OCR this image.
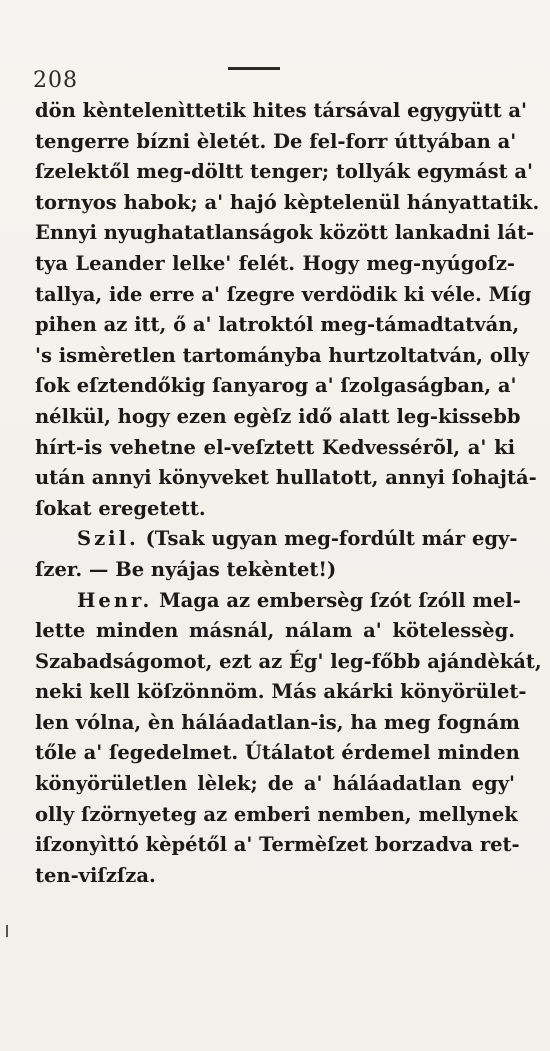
208
dön kèntelenìttetik hites társával egygyütt a'
tengerre bízni èletét. De fel-forr úttyában a'
ſzelektől meg-döltt tenger; tollyák egymást a'
tornyos habok; a' hajó kèptelenül hányattatik.
Ennyi nyughatatlanságok között lankadni lát-
tya Leander lelke' felét. Hogy meg-nyúgoſz-
tallya, ide erre a' ſzegre verdödik ki véle. Míg
pihen az itt, ő a' latroktól meg-támadtatván,
's ismèretlen tartományba hurtzoltatván, olly
ſok eſztendőkig ſanyarog a' ſzolgaságban, a'
nélkül, hogy ezen egèſz idő alatt leg-kissebb
hírt-is vehetne el-veſztett Kedvessérõl, a' ki
után annyi könyveket hullatott, annyi ſohajtá-
ſokat eregetett.
Szil. (Tsak ugyan meg-fordúlt már egy-
ſzer. — Be nyájas tekèntet!)
Henr. Maga az embersèg ſzót ſzóll mel-
lette minden másnál, nálam a' kötelessèg.
Szabadságomot, ezt az Ég' leg-főbb ajándèkát,
neki kell köſzönnöm. Más akárki könyörület-
len vólna, èn háláadatlan-is, ha meg fognám
tőle a' ſegedelmet. Útálatot érdemel minden
könyörületlen lèlek; de a' háláadatlan egy'
olly ſzörnyeteg az emberi nemben, mellynek
iſzonyìttó kèpétől a' Termèſzet borzadva ret-
ten-viſzſza.
